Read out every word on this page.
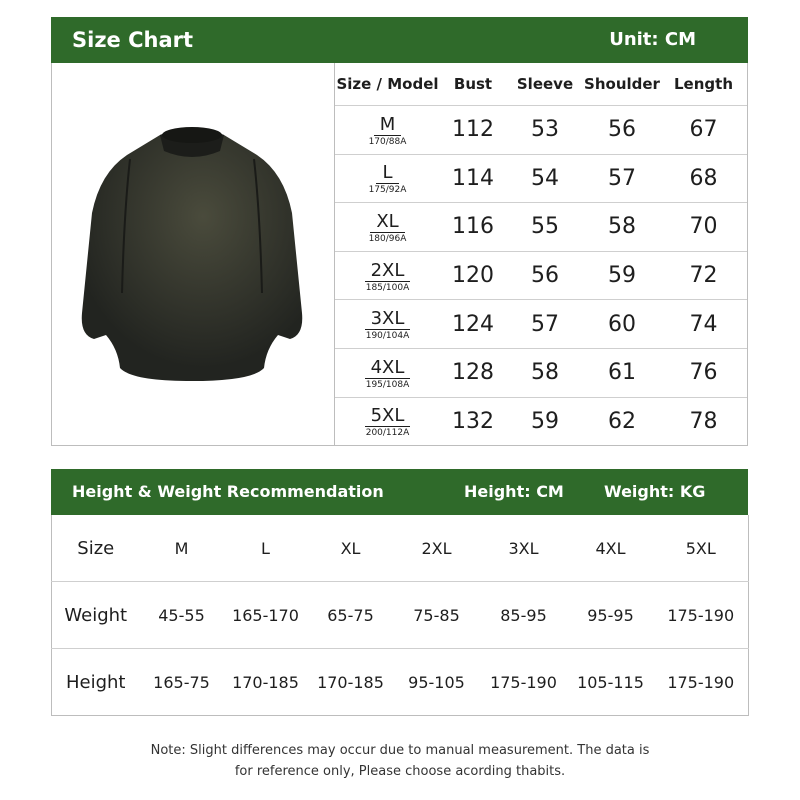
Size Chart	Unit: CM
Size / Model	Bust	Sleeve	Shoulder	Length
M
170/88A	112	53	56	67
L
175/92A	114	54	57	68
XL
180/96A	116	55	58	70
2XL
185/100A	120	56	59	72
3XL
190/104A	124	57	60	74
4XL
195/108A	128	58	61	76
5XL
200/112A	132	59	62	78
Height & Weight Recommendation	Height: CM	Weight: KG
Size	M	L	XL	2XL	3XL	4XL	5XL
Weight	45-55	165-170	65-75	75-85	85-95	95-95	175-190
Height	165-75	170-185	170-185	95-105	175-190	105-115	175-190
Note: Slight differences may occur due to manual measurement. The data is
for reference only, Please choose acording thabits.
